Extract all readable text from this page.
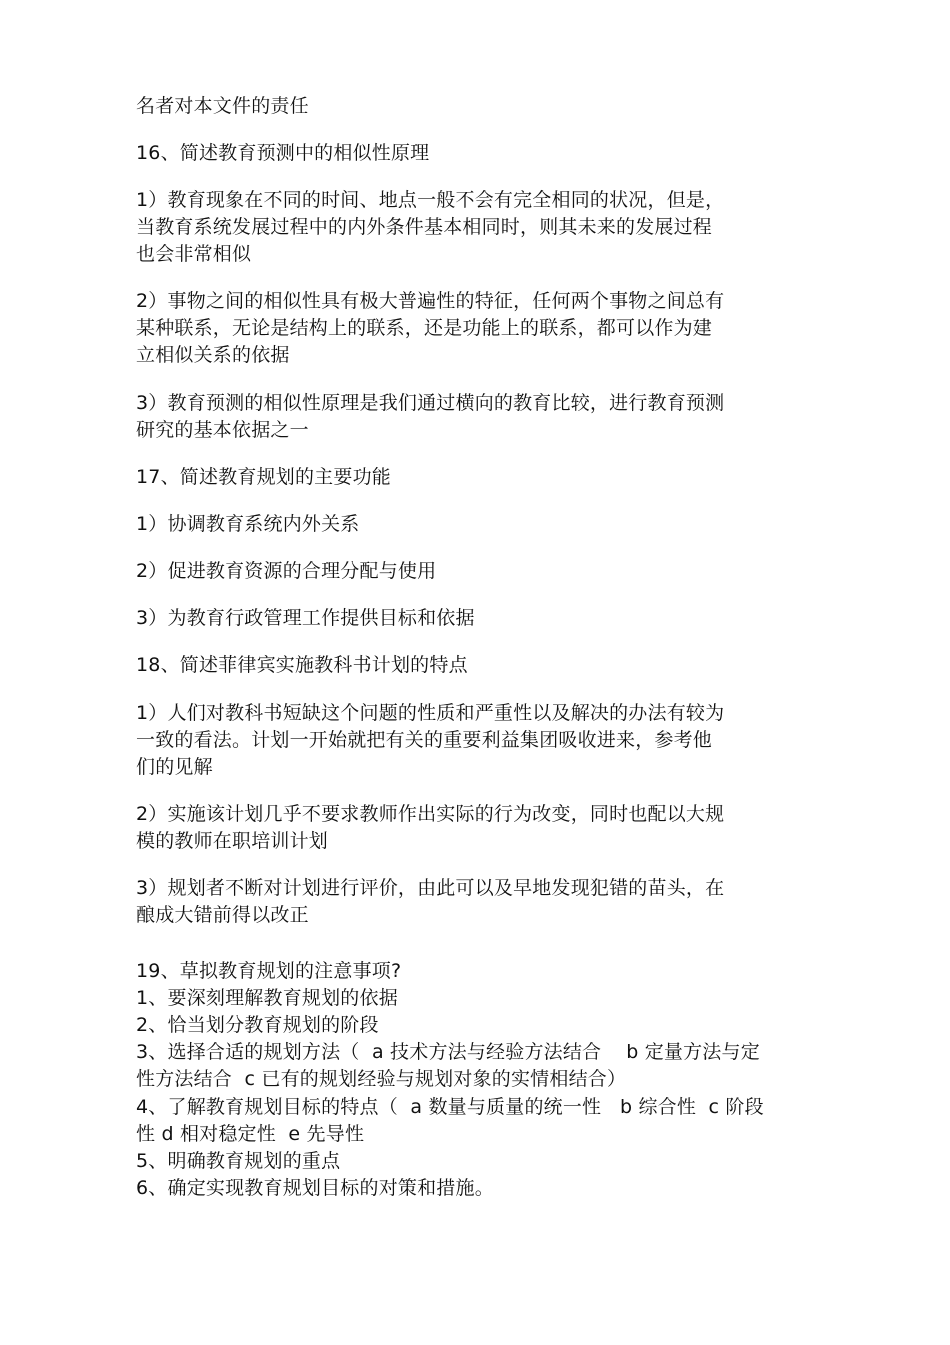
名者对本文件的责任
16、简述教育预测中的相似性原理
1）教育现象在不同的时间、地点一般不会有完全相同的状况，但是，
当教育系统发展过程中的内外条件基本相同时，则其未来的发展过程
也会非常相似
2）事物之间的相似性具有极大普遍性的特征，任何两个事物之间总有
某种联系，无论是结构上的联系，还是功能上的联系，都可以作为建
立相似关系的依据
3）教育预测的相似性原理是我们通过横向的教育比较，进行教育预测
研究的基本依据之一
17、简述教育规划的主要功能
1）协调教育系统内外关系
2）促进教育资源的合理分配与使用
3）为教育行政管理工作提供目标和依据
18、简述菲律宾实施教科书计划的特点
1）人们对教科书短缺这个问题的性质和严重性以及解决的办法有较为
一致的看法。计划一开始就把有关的重要利益集团吸收进来，参考他
们的见解
2）实施该计划几乎不要求教师作出实际的行为改变，同时也配以大规
模的教师在职培训计划
3）规划者不断对计划进行评价，由此可以及早地发现犯错的苗头，在
酿成大错前得以改正
19、草拟教育规划的注意事项?
1、要深刻理解教育规划的依据
2、恰当划分教育规划的阶段
3、选择合适的规划方法（  a 技术方法与经验方法结合    b 定量方法与定
性方法结合  c 已有的规划经验与规划对象的实情相结合）
4、了解教育规划目标的特点（  a 数量与质量的统一性   b 综合性  c 阶段
性 d 相对稳定性  e 先导性
5、明确教育规划的重点
6、确定实现教育规划目标的对策和措施。
